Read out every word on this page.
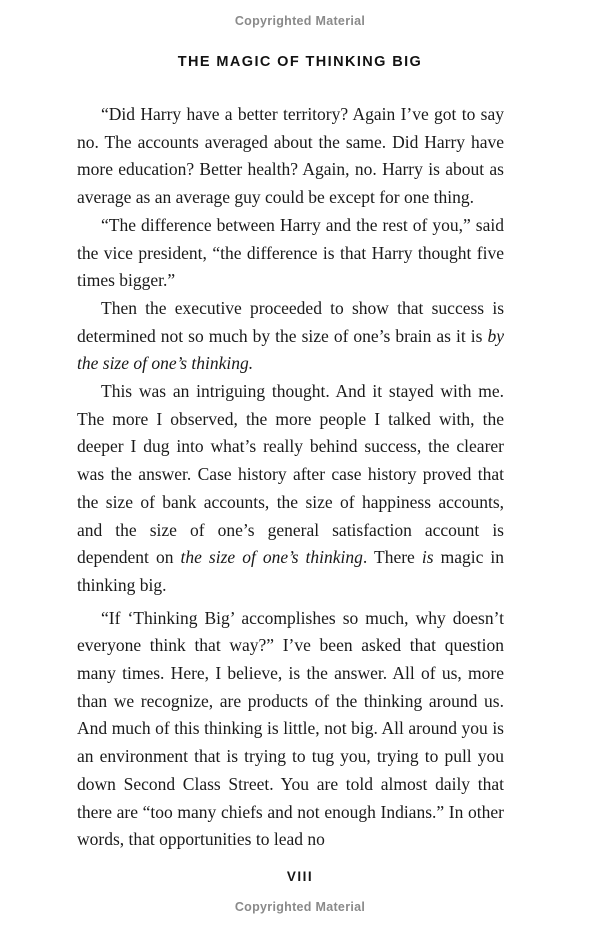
Copyrighted Material
THE MAGIC OF THINKING BIG

“Did Harry have a better territory? Again I’ve got to say no. The accounts averaged about the same. Did Harry have more education? Better health? Again, no. Harry is about as average as an average guy could be except for one thing.

“The difference between Harry and the rest of you,” said the vice president, “the difference is that Harry thought five times bigger.”

Then the executive proceeded to show that success is determined not so much by the size of one’s brain as it is by the size of one’s thinking.

This was an intriguing thought. And it stayed with me. The more I observed, the more people I talked with, the deeper I dug into what’s really behind success, the clearer was the answer. Case history after case history proved that the size of bank accounts, the size of happiness accounts, and the size of one’s general satisfaction account is dependent on the size of one’s thinking. There is magic in thinking big.

“If ‘Thinking Big’ accomplishes so much, why doesn’t everyone think that way?” I’ve been asked that question many times. Here, I believe, is the answer. All of us, more than we recognize, are products of the thinking around us. And much of this thinking is little, not big. All around you is an environment that is trying to tug you, trying to pull you down Second Class Street. You are told almost daily that there are “too many chiefs and not enough Indians.” In other words, that opportunities to lead no

VIII
Copyrighted Material
